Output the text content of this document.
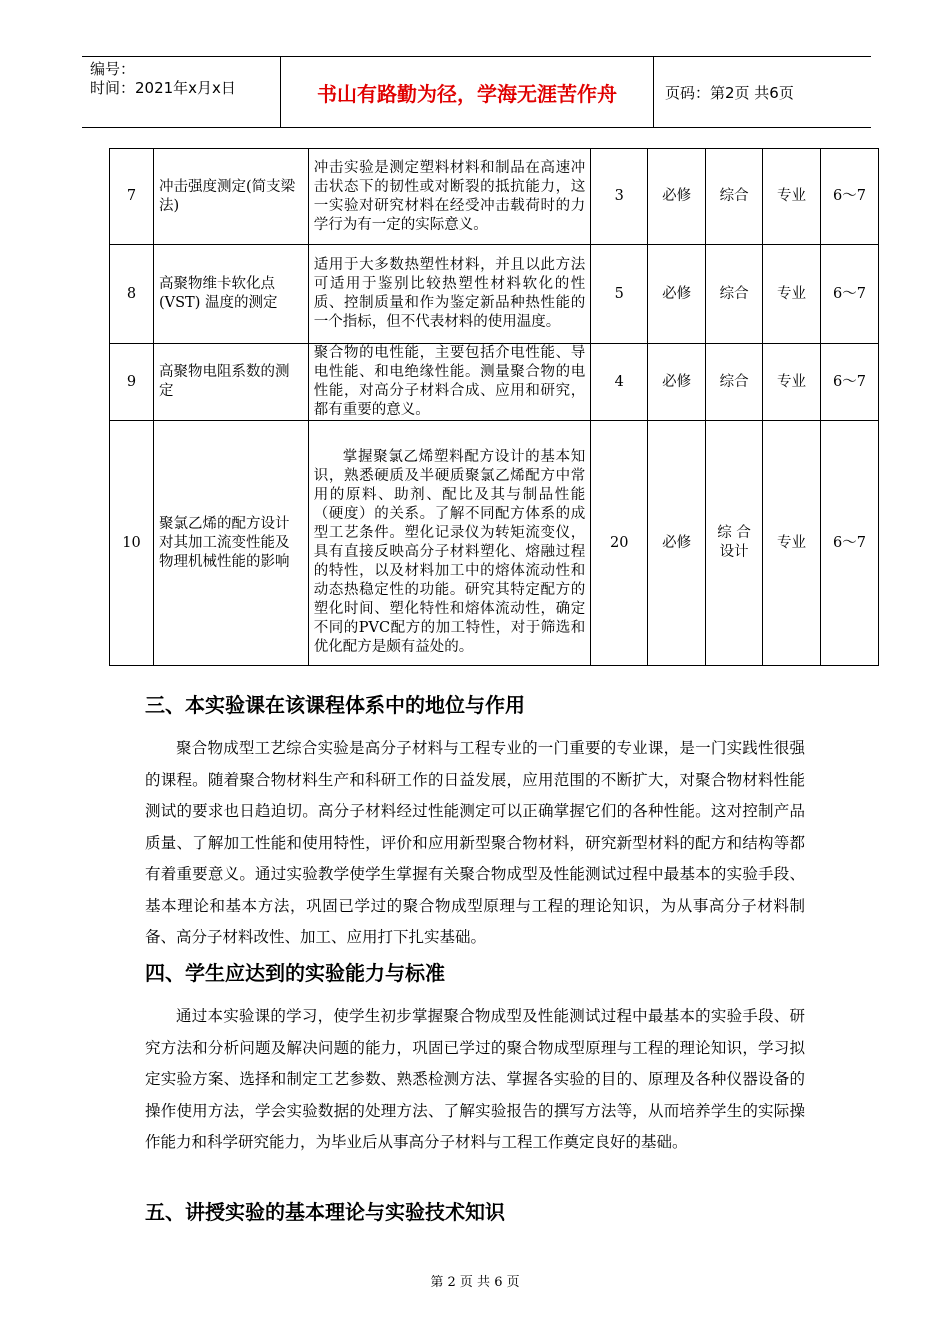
编号：
时间：2021年x月x日	书山有路勤为径，学海无涯苦作舟	页码：第2页 共6页
7	冲击强度测定(简支梁法)	冲击实验是测定塑料材料和制品在高速冲击状态下的韧性或对断裂的抵抗能力，这一实验对研究材料在经受冲击载荷时的力学行为有一定的实际意义。	3	必修	综合	专业	6～7
8	高聚物维卡软化点(VST) 温度的测定	适用于大多数热塑性材料，并且以此方法可适用于鉴别比较热塑性材料软化的性质、控制质量和作为鉴定新品种热性能的一个指标，但不代表材料的使用温度。	5	必修	综合	专业	6～7
9	高聚物电阻系数的测定	聚合物的电性能，主要包括介电性能、导电性能、和电绝缘性能。测量聚合物的电性能，对高分子材料合成、应用和研究，都有重要的意义。	4	必修	综合	专业	6～7
10	聚氯乙烯的配方设计对其加工流变性能及物理机械性能的影响	掌握聚氯乙烯塑料配方设计的基本知识，熟悉硬质及半硬质聚氯乙烯配方中常用的原料、助剂、配比及其与制品性能（硬度）的关系。了解不同配方体系的成型工艺条件。塑化记录仪为转矩流变仪，具有直接反映高分子材料塑化、熔融过程的特性，以及材料加工中的熔体流动性和动态热稳定性的功能。研究其特定配方的塑化时间、塑化特性和熔体流动性，确定不同的PVC配方的加工特性，对于筛选和优化配方是颇有益处的。	20	必修	综 合 设计	专业	6～7
三、本实验课在该课程体系中的地位与作用
聚合物成型工艺综合实验是高分子材料与工程专业的一门重要的专业课，是一门实践性很强的课程。随着聚合物材料生产和科研工作的日益发展，应用范围的不断扩大，对聚合物材料性能测试的要求也日趋迫切。高分子材料经过性能测定可以正确掌握它们的各种性能。这对控制产品质量、了解加工性能和使用特性，评价和应用新型聚合物材料，研究新型材料的配方和结构等都有着重要意义。通过实验教学使学生掌握有关聚合物成型及性能测试过程中最基本的实验手段、基本理论和基本方法，巩固已学过的聚合物成型原理与工程的理论知识，为从事高分子材料制备、高分子材料改性、加工、应用打下扎实基础。
四、学生应达到的实验能力与标准
通过本实验课的学习，使学生初步掌握聚合物成型及性能测试过程中最基本的实验手段、研究方法和分析问题及解决问题的能力，巩固已学过的聚合物成型原理与工程的理论知识，学习拟定实验方案、选择和制定工艺参数、熟悉检测方法、掌握各实验的目的、原理及各种仪器设备的操作使用方法，学会实验数据的处理方法、了解实验报告的撰写方法等，从而培养学生的实际操作能力和科学研究能力，为毕业后从事高分子材料与工程工作奠定良好的基础。
五、讲授实验的基本理论与实验技术知识
第 2 页 共 6 页
